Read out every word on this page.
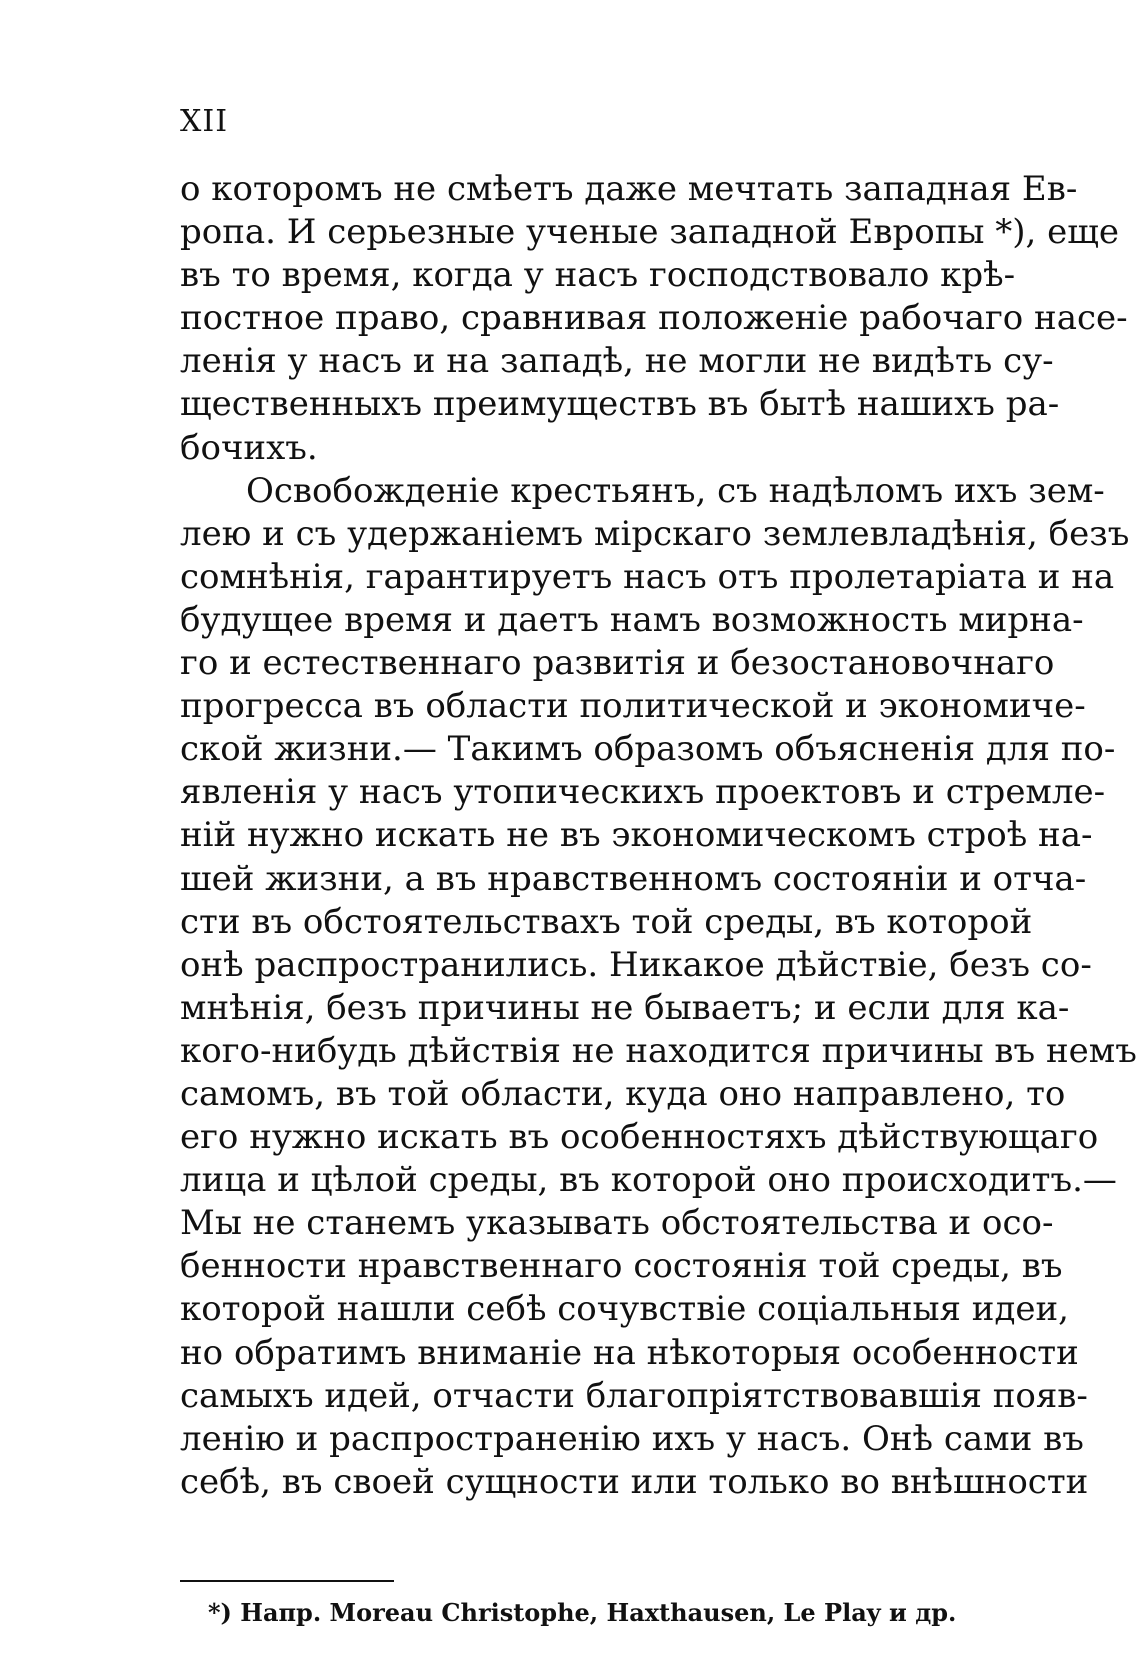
XII
о которомъ не смѣетъ даже мечтать западная Ев-
ропа. И серьезные ученые западной Европы *), еще
въ то время, когда у насъ господствовало крѣ-
постное право, сравнивая положеніе рабочаго насе-
ленія у насъ и на западѣ, не могли не видѣть су-
щественныхъ преимуществъ въ бытѣ нашихъ ра-
бочихъ.
Освобожденіе крестьянъ, съ надѣломъ ихъ зем-
лею и съ удержаніемъ мірскаго землевладѣнія, безъ
сомнѣнія, гарантируетъ насъ отъ пролетаріата и на
будущее время и даетъ намъ возможность мирна-
го и естественнаго развитія и безостановочнаго
прогресса въ области политической и экономиче-
ской жизни.— Такимъ образомъ объясненія для по-
явленія у насъ утопическихъ проектовъ и стремле-
ній нужно искать не въ экономическомъ строѣ на-
шей жизни, а въ нравственномъ состояніи и отча-
сти въ обстоятельствахъ той среды, въ которой
онѣ распространились. Никакое дѣйствіе, безъ со-
мнѣнія, безъ причины не бываетъ; и если для ка-
кого-нибудь дѣйствія не находится причины въ немъ
самомъ, въ той области, куда оно направлено, то
его нужно искать въ особенностяхъ дѣйствующаго
лица и цѣлой среды, въ которой оно происходитъ.—
Мы не станемъ указывать обстоятельства и осо-
бенности нравственнаго состоянія той среды, въ
которой нашли себѣ сочувствіе соціальныя идеи,
но обратимъ вниманіе на нѣкоторыя особенности
самыхъ идей, отчасти благопріятствовавшія появ-
ленію и распространенію ихъ у насъ. Онѣ сами въ
себѣ, въ своей сущности или только во внѣшности
*) Напр. Moreau Christophe, Haxthausen, Le Play и др.
